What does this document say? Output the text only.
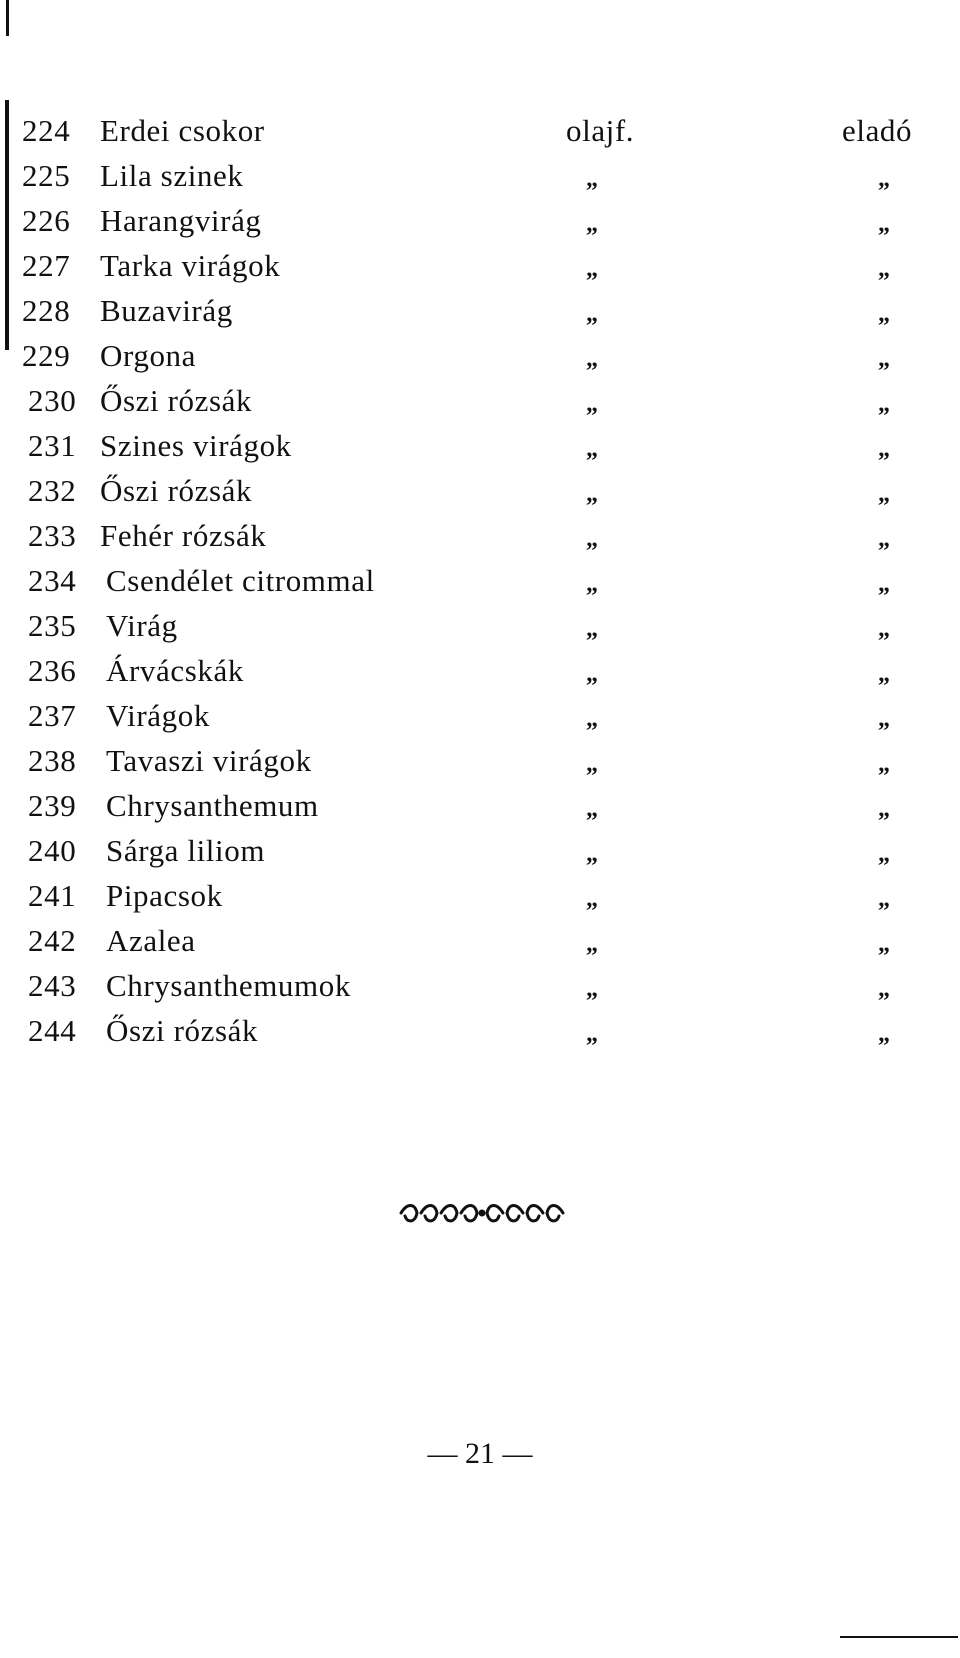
224 Erdei csokor	olajf.	eladó
225 Lila szinek	„	„
226 Harangvirág	„	„
227 Tarka virágok	„	„
228 Buzavirág	„	„
229 Orgona	„	„
230 Őszi rózsák	„	„
231 Szines virágok	„	„
232 Őszi rózsák	„	„
233 Fehér rózsák	„	„
234 Csendélet citrommal	„	„
235 Virág	„	„
236 Árvácskák	„	„
237 Virágok	„	„
238 Tavaszi virágok	„	„
239 Chrysanthemum	„	„
240 Sárga liliom	„	„
241 Pipacsok	„	„
242 Azalea	„	„
243 Chrysanthemumok	„	„
244 Őszi rózsák	„	„
— 21 —
